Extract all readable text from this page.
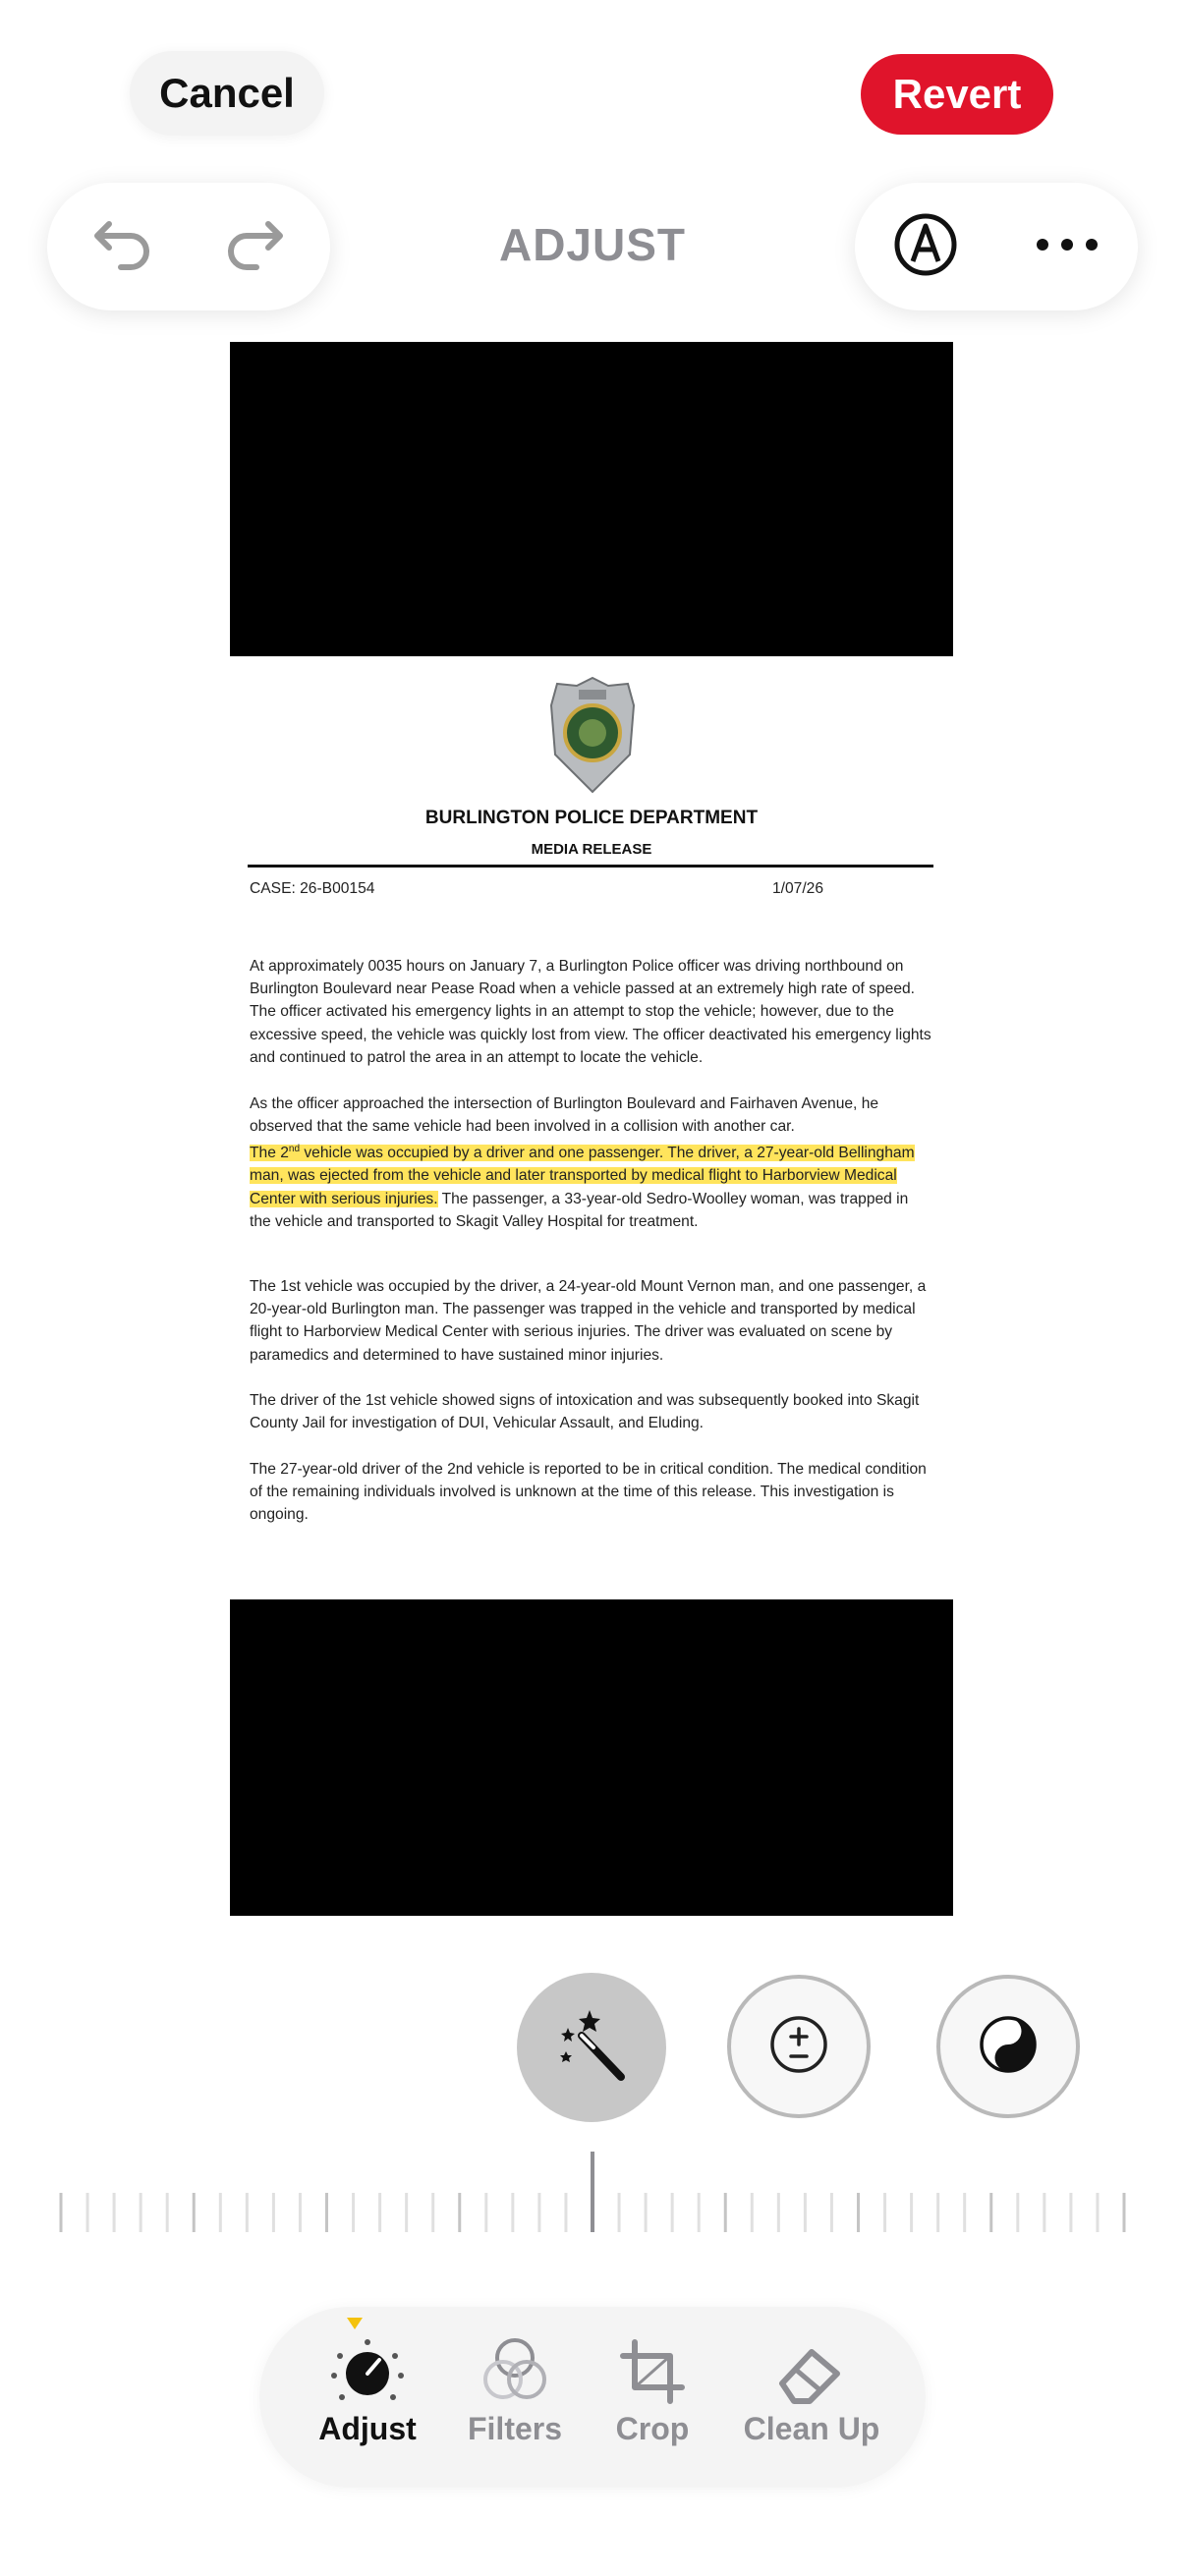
Cancel	Revert
ADJUST
BURLINGTON POLICE DEPARTMENT
MEDIA RELEASE
CASE: 26-B00154	1/07/26

At approximately 0035 hours on January 7, a Burlington Police officer was driving northbound on Burlington Boulevard near Pease Road when a vehicle passed at an extremely high rate of speed. The officer activated his emergency lights in an attempt to stop the vehicle; however, due to the excessive speed, the vehicle was quickly lost from view. The officer deactivated his emergency lights and continued to patrol the area in an attempt to locate the vehicle.

As the officer approached the intersection of Burlington Boulevard and Fairhaven Avenue, he observed that the same vehicle had been involved in a collision with another car.

The 2nd vehicle was occupied by a driver and one passenger. The driver, a 27-year-old Bellingham man, was ejected from the vehicle and later transported by medical flight to Harborview Medical Center with serious injuries. The passenger, a 33-year-old Sedro-Woolley woman, was trapped in the vehicle and transported to Skagit Valley Hospital for treatment.

The 1st vehicle was occupied by the driver, a 24-year-old Mount Vernon man, and one passenger, a 20-year-old Burlington man. The passenger was trapped in the vehicle and transported by medical flight to Harborview Medical Center with serious injuries. The driver was evaluated on scene by paramedics and determined to have sustained minor injuries.

The driver of the 1st vehicle showed signs of intoxication and was subsequently booked into Skagit County Jail for investigation of DUI, Vehicular Assault, and Eluding.

The 27-year-old driver of the 2nd vehicle is reported to be in critical condition. The medical condition of the remaining individuals involved is unknown at the time of this release. This investigation is ongoing.

Adjust	Filters	Crop	Clean Up
